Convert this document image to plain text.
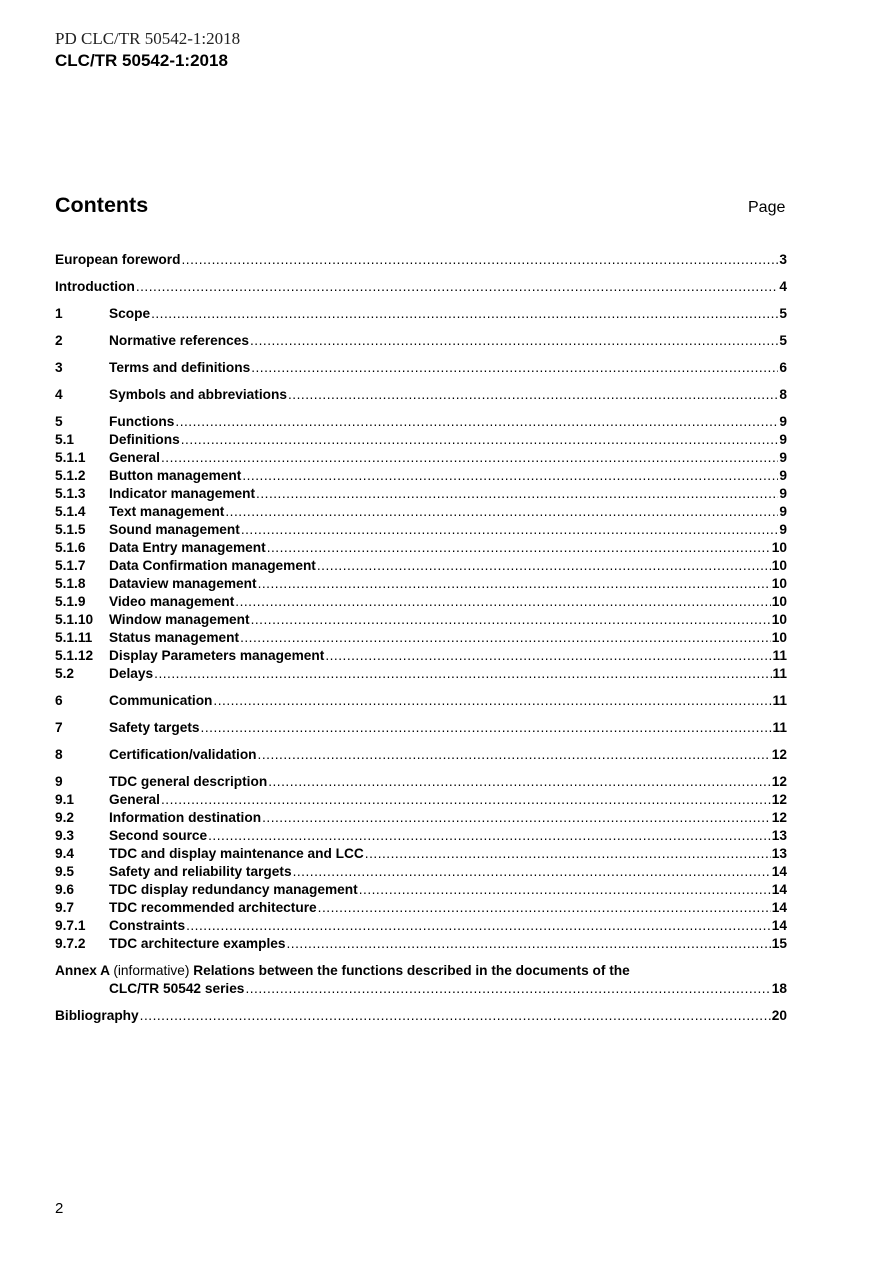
PD CLC/TR 50542-1:2018
CLC/TR 50542-1:2018
Contents	Page
European foreword .....	3
Introduction .....	4
1	Scope .....	5
2	Normative references .....	5
3	Terms and definitions .....	6
4	Symbols and abbreviations .....	8
5	Functions .....	9
5.1	Definitions .....	9
5.1.1	General .....	9
5.1.2	Button management .....	9
5.1.3	Indicator management .....	9
5.1.4	Text management .....	9
5.1.5	Sound management .....	9
5.1.6	Data Entry management .....	10
5.1.7	Data Confirmation management .....	10
5.1.8	Dataview management .....	10
5.1.9	Video management .....	10
5.1.10	Window management .....	10
5.1.11	Status management .....	10
5.1.12	Display Parameters management .....	11
5.2	Delays .....	11
6	Communication .....	11
7	Safety targets .....	11
8	Certification/validation .....	12
9	TDC general description .....	12
9.1	General .....	12
9.2	Information destination .....	12
9.3	Second source .....	13
9.4	TDC and display maintenance and LCC .....	13
9.5	Safety and reliability targets .....	14
9.6	TDC display redundancy management .....	14
9.7	TDC recommended architecture .....	14
9.7.1	Constraints .....	14
9.7.2	TDC architecture examples .....	15
Annex A (informative) Relations between the functions described in the documents of the
CLC/TR 50542 series .....	18
Bibliography .....	20
2
